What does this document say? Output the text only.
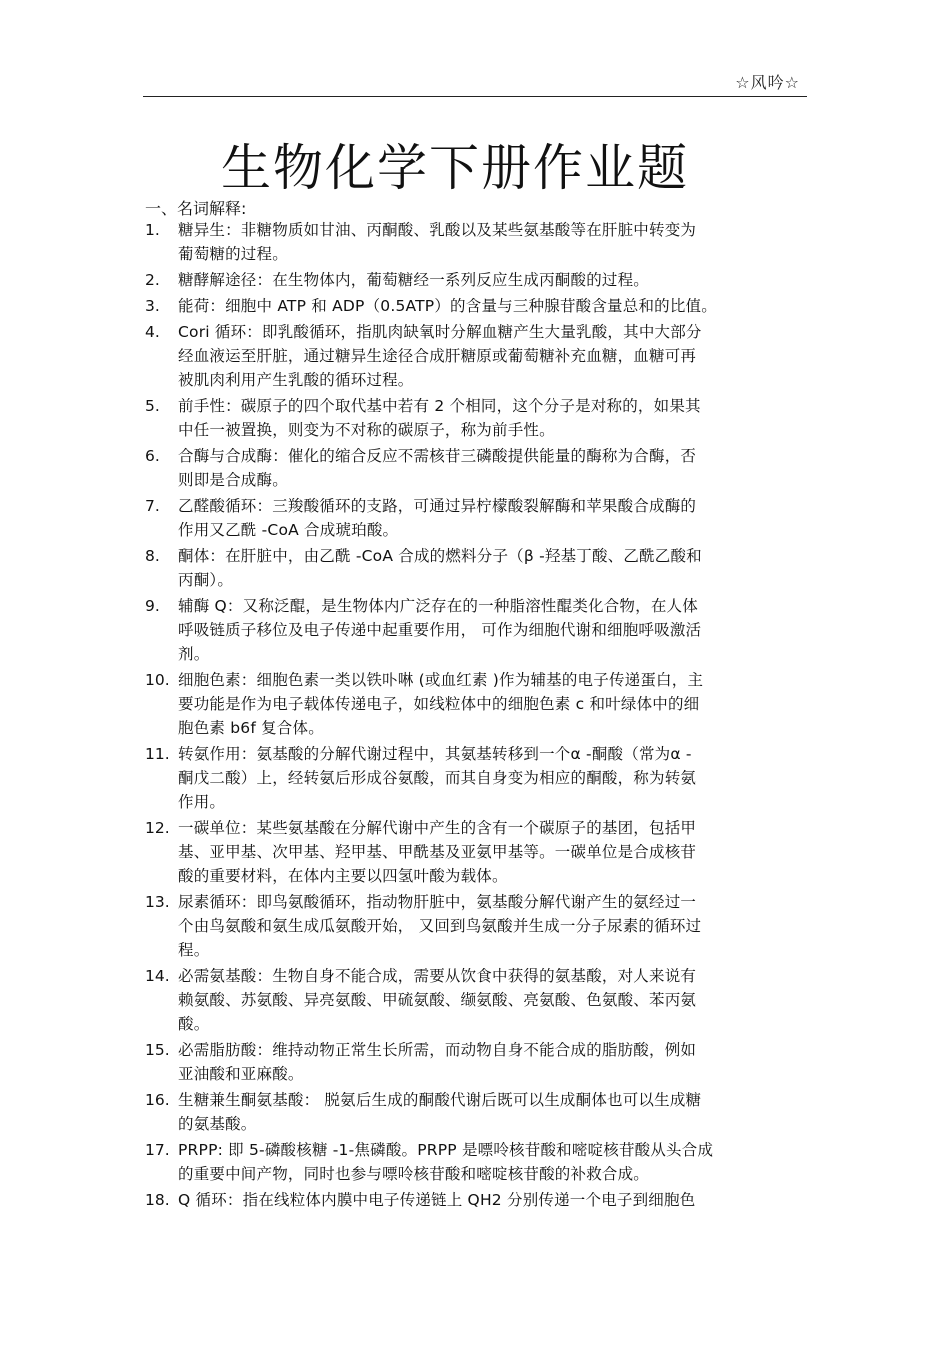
☆风吟☆
生物化学下册作业题
一、名词解释:
1.	糖异生：非糖物质如甘油、丙酮酸、乳酸以及某些氨基酸等在肝脏中转变为
葡萄糖的过程。
2.	糖酵解途径：在生物体内，葡萄糖经一系列反应生成丙酮酸的过程。
3.	能荷：细胞中 ATP 和 ADP（0.5ATP）的含量与三种腺苷酸含量总和的比值。
4.	Cori 循环：即乳酸循环，指肌肉缺氧时分解血糖产生大量乳酸，其中大部分
经血液运至肝脏，通过糖异生途径合成肝糖原或葡萄糖补充血糖，血糖可再
被肌肉利用产生乳酸的循环过程。
5.	前手性：碳原子的四个取代基中若有 2 个相同，这个分子是对称的，如果其
中任一被置换，则变为不对称的碳原子，称为前手性。
6.	合酶与合成酶：催化的缩合反应不需核苷三磷酸提供能量的酶称为合酶，否
则即是合成酶。
7.	乙醛酸循环：三羧酸循环的支路，可通过异柠檬酸裂解酶和苹果酸合成酶的
作用又乙酰 -CoA 合成琥珀酸。
8.	酮体：在肝脏中，由乙酰 -CoA 合成的燃料分子（β -羟基丁酸、乙酰乙酸和
丙酮）。
9.	辅酶 Q：又称泛醌，是生物体内广泛存在的一种脂溶性醌类化合物，在人体
呼吸链质子移位及电子传递中起重要作用， 可作为细胞代谢和细胞呼吸激活
剂。
10. 细胞色素：细胞色素一类以铁卟啉 (或血红素 )作为辅基的电子传递蛋白，主
要功能是作为电子载体传递电子，如线粒体中的细胞色素 c 和叶绿体中的细
胞色素 b6f 复合体。
11. 转氨作用：氨基酸的分解代谢过程中，其氨基转移到一个α -酮酸（常为α -
酮戊二酸）上，经转氨后形成谷氨酸，而其自身变为相应的酮酸，称为转氨
作用。
12. 一碳单位：某些氨基酸在分解代谢中产生的含有一个碳原子的基团，包括甲
基、亚甲基、次甲基、羟甲基、甲酰基及亚氨甲基等。一碳单位是合成核苷
酸的重要材料，在体内主要以四氢叶酸为载体。
13. 尿素循环：即鸟氨酸循环，指动物肝脏中，氨基酸分解代谢产生的氨经过一
个由鸟氨酸和氨生成瓜氨酸开始， 又回到鸟氨酸并生成一分子尿素的循环过
程。
14. 必需氨基酸：生物自身不能合成，需要从饮食中获得的氨基酸，对人来说有
赖氨酸、苏氨酸、异亮氨酸、甲硫氨酸、缬氨酸、亮氨酸、色氨酸、苯丙氨
酸。
15. 必需脂肪酸：维持动物正常生长所需，而动物自身不能合成的脂肪酸，例如
亚油酸和亚麻酸。
16. 生糖兼生酮氨基酸： 脱氨后生成的酮酸代谢后既可以生成酮体也可以生成糖
的氨基酸。
17. PRPP: 即 5-磷酸核糖 -1-焦磷酸。PRPP 是嘌呤核苷酸和嘧啶核苷酸从头合成
的重要中间产物，同时也参与嘌呤核苷酸和嘧啶核苷酸的补救合成。
18. Q 循环：指在线粒体内膜中电子传递链上 QH2 分别传递一个电子到细胞色
